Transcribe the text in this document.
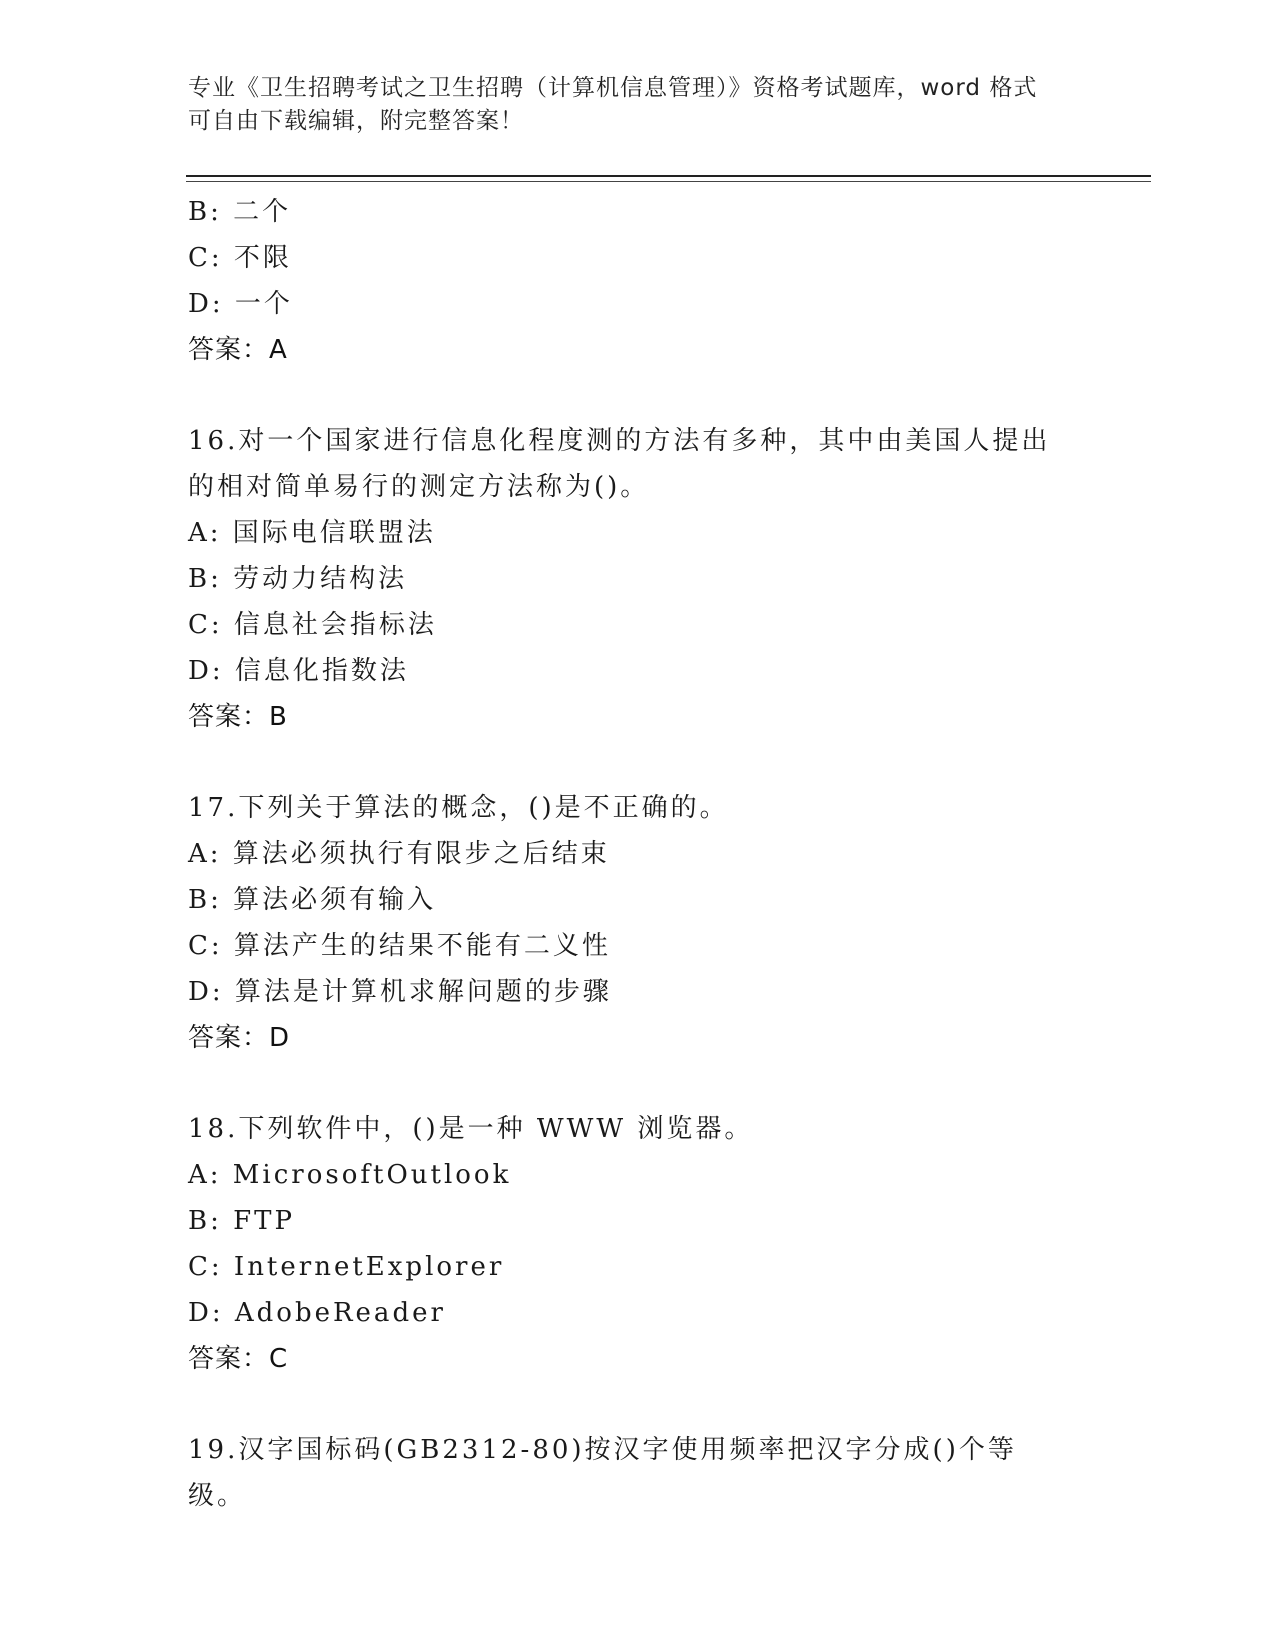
专业《卫生招聘考试之卫生招聘（计算机信息管理）》资格考试题库，word 格式
可自由下载编辑，附完整答案！
B: 二个
C: 不限
D: 一个
答案：A
16.对一个国家进行信息化程度测的方法有多种，其中由美国人提出的相对简单易行的测定方法称为()。
A: 国际电信联盟法
B: 劳动力结构法
C: 信息社会指标法
D: 信息化指数法
答案：B
17.下列关于算法的概念，()是不正确的。
A: 算法必须执行有限步之后结束
B: 算法必须有输入
C: 算法产生的结果不能有二义性
D: 算法是计算机求解问题的步骤
答案：D
18.下列软件中，()是一种 WWW 浏览器。
A: MicrosoftOutlook
B: FTP
C: InternetExplorer
D: AdobeReader
答案：C
19.汉字国标码(GB2312-80)按汉字使用频率把汉字分成()个等级。
